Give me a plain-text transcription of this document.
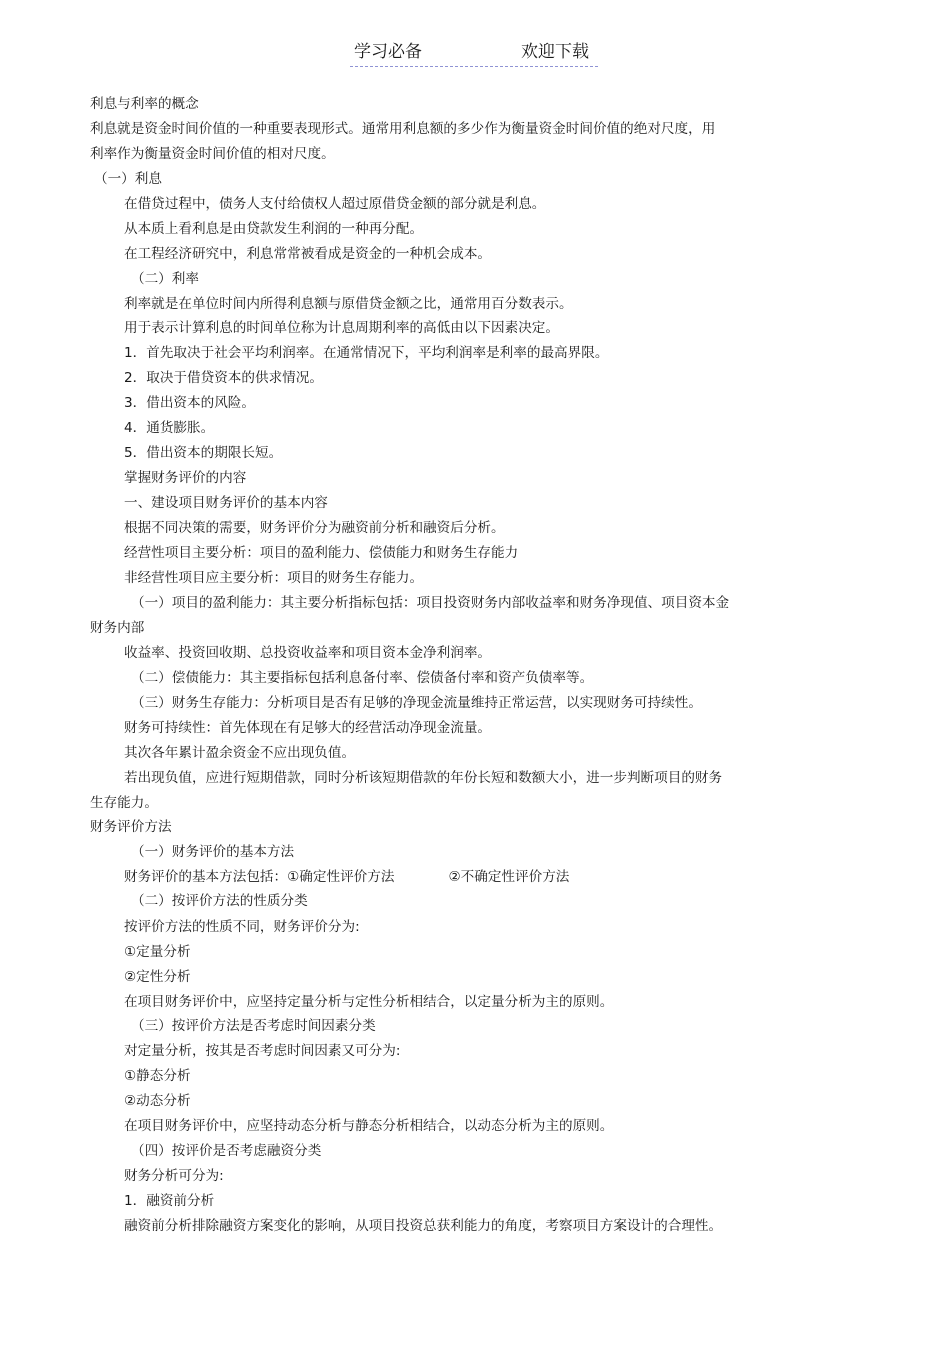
学习必备	欢迎下载
利息与利率的概念
利息就是资金时间价值的一种重要表现形式。通常用利息额的多少作为衡量资金时间价值的绝对尺度，用
利率作为衡量资金时间价值的相对尺度。
（一）利息
在借贷过程中，债务人支付给债权人超过原借贷金额的部分就是利息。
从本质上看利息是由贷款发生利润的一种再分配。
在工程经济研究中，利息常常被看成是资金的一种机会成本。
（二）利率
利率就是在单位时间内所得利息额与原借贷金额之比，通常用百分数表示。
用于表示计算利息的时间单位称为计息周期利率的高低由以下因素决定。
1．首先取决于社会平均利润率。在通常情况下，平均利润率是利率的最高界限。
2．取决于借贷资本的供求情况。
3．借出资本的风险。
4．通货膨胀。
5．借出资本的期限长短。
掌握财务评价的内容
一、建设项目财务评价的基本内容
根据不同决策的需要，财务评价分为融资前分析和融资后分析。
经营性项目主要分析：项目的盈利能力、偿债能力和财务生存能力
非经营性项目应主要分析：项目的财务生存能力。
（一）项目的盈利能力：其主要分析指标包括：项目投资财务内部收益率和财务净现值、项目资本金
财务内部
收益率、投资回收期、总投资收益率和项目资本金净利润率。
（二）偿债能力：其主要指标包括利息备付率、偿债备付率和资产负债率等。
（三）财务生存能力：分析项目是否有足够的净现金流量维持正常运营，以实现财务可持续性。
财务可持续性：首先体现在有足够大的经营活动净现金流量。
其次各年累计盈余资金不应出现负值。
若出现负值，应进行短期借款，同时分析该短期借款的年份长短和数额大小，进一步判断项目的财务
生存能力。
财务评价方法
（一）财务评价的基本方法
财务评价的基本方法包括：①确定性评价方法	②不确定性评价方法
（二）按评价方法的性质分类
按评价方法的性质不同，财务评价分为:
①定量分析
②定性分析
在项目财务评价中，应坚持定量分析与定性分析相结合，以定量分析为主的原则。
（三）按评价方法是否考虑时间因素分类
对定量分析，按其是否考虑时间因素又可分为:
①静态分析
②动态分析
在项目财务评价中，应坚持动态分析与静态分析相结合，以动态分析为主的原则。
（四）按评价是否考虑融资分类
财务分析可分为:
1．融资前分析
融资前分析排除融资方案变化的影响，从项目投资总获利能力的角度，考察项目方案设计的合理性。
